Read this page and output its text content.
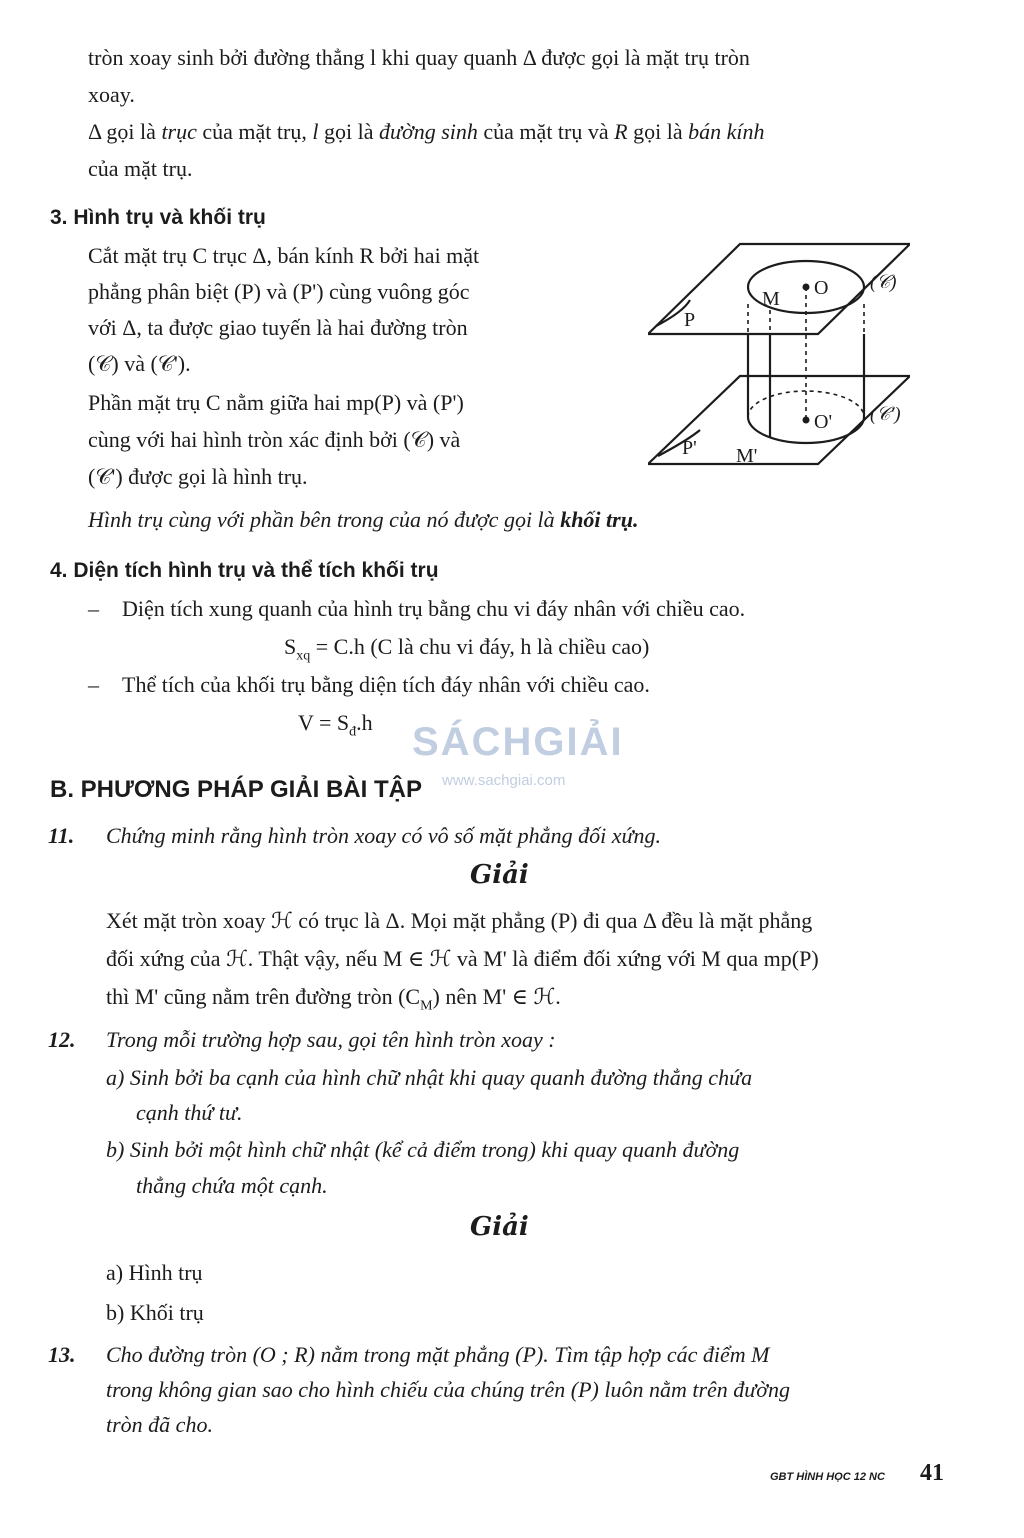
tròn xoay sinh bởi đường thẳng l khi quay quanh Δ được gọi là mặt trụ tròn
xoay.
Δ gọi là trục của mặt trụ, l gọi là đường sinh của mặt trụ và R gọi là bán kính
của mặt trụ.
3. Hình trụ và khối trụ
Cắt mặt trụ C trục Δ, bán kính R bởi hai mặt
phẳng phân biệt (P) và (P') cùng vuông góc
với Δ, ta được giao tuyến là hai đường tròn
(𝒞) và (𝒞').
Phần mặt trụ C nằm giữa hai mp(P) và (P')
cùng với hai hình tròn xác định bởi (𝒞) và
(𝒞') được gọi là hình trụ.
Hình trụ cùng với phần bên trong của nó được gọi là khối trụ.
P
P'
M
M'
O
O'
(𝒞)
(𝒞')
4. Diện tích hình trụ và thể tích khối trụ
– Diện tích xung quanh của hình trụ bằng chu vi đáy nhân với chiều cao.
$S_{xq} = C.h$ (C là chu vi đáy, h là chiều cao)
– Thể tích của khối trụ bằng diện tích đáy nhân với chiều cao.
$V = S_đ.h$ SÁCHGIẢI
www.sachgiai.com
B. PHƯƠNG PHÁP GIẢI BÀI TẬP
11. Chứng minh rằng hình tròn xoay có vô số mặt phẳng đối xứng.
Giải
Xét mặt tròn xoay ℋ có trục là Δ. Mọi mặt phẳng (P) đi qua Δ đều là mặt phẳng
đối xứng của ℋ. Thật vậy, nếu M ∈ ℋ và M' là điểm đối xứng với M qua mp(P)
thì M' cũng nằm trên đường tròn $(C_M)$ nên M' ∈ ℋ.
12. Trong mỗi trường hợp sau, gọi tên hình tròn xoay :
a) Sinh bởi ba cạnh của hình chữ nhật khi quay quanh đường thẳng chứa
cạnh thứ tư.
b) Sinh bởi một hình chữ nhật (kể cả điểm trong) khi quay quanh đường
thẳng chứa một cạnh.
Giải
a) Hình trụ
b) Khối trụ
13. Cho đường tròn (O ; R) nằm trong mặt phẳng (P). Tìm tập hợp các điểm M
trong không gian sao cho hình chiếu của chúng trên (P) luôn nằm trên đường
tròn đã cho.
GBT HÌNH HỌC 12 NC 41
